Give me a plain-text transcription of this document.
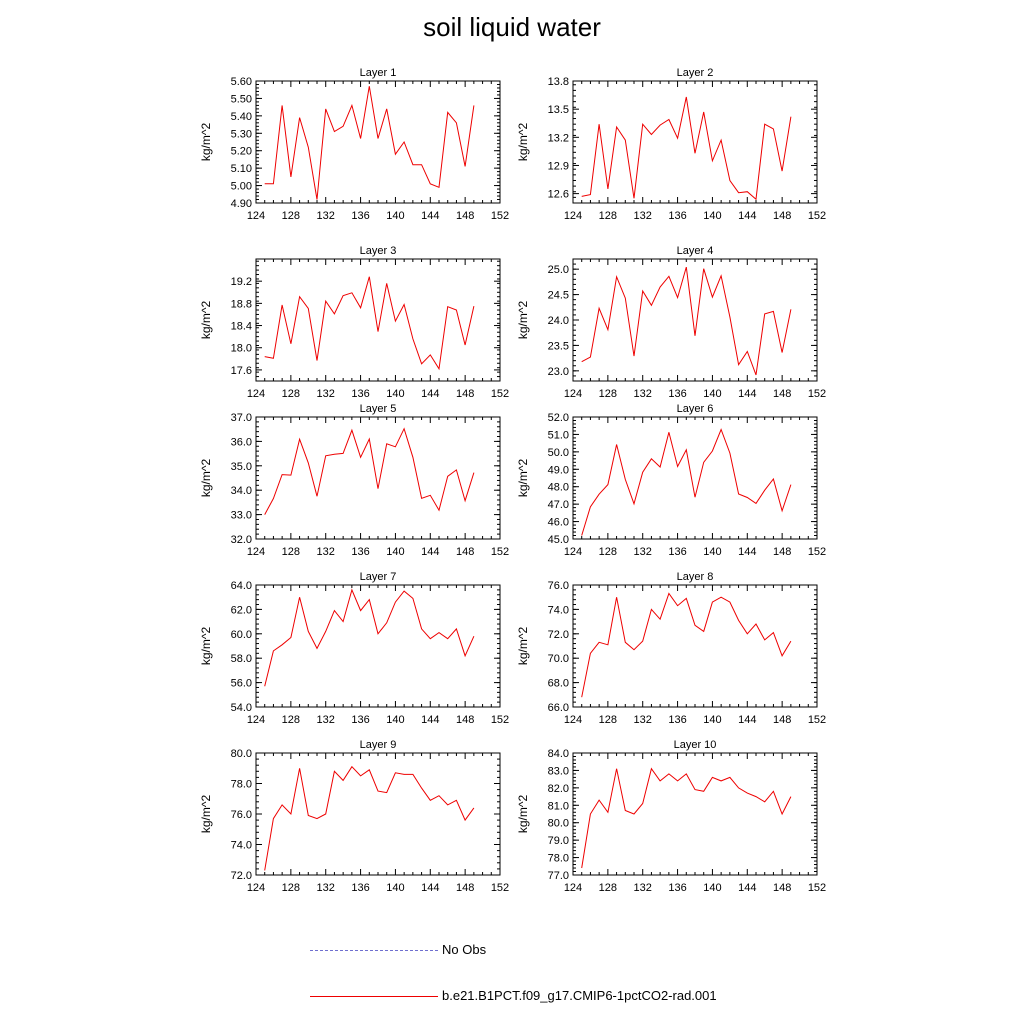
soil liquid water
Layer 1
kg/m^2
124 128 132 136 140 144 148 152
4.90
5.00
5.10
5.20
5.30
5.40
5.50
5.60
Layer 2
kg/m^2
124 128 132 136 140 144 148 152
12.6
12.9
13.2
13.5
13.8
Layer 3
kg/m^2
124 128 132 136 140 144 148 152
17.6
18.0
18.4
18.8
19.2
Layer 4
kg/m^2
124 128 132 136 140 144 148 152
23.0
23.5
24.0
24.5
25.0
Layer 5
kg/m^2
124 128 132 136 140 144 148 152
32.0
33.0
34.0
35.0
36.0
37.0
Layer 6
kg/m^2
124 128 132 136 140 144 148 152
45.0
46.0
47.0
48.0
49.0
50.0
51.0
52.0
Layer 7
kg/m^2
124 128 132 136 140 144 148 152
54.0
56.0
58.0
60.0
62.0
64.0
Layer 8
kg/m^2
124 128 132 136 140 144 148 152
66.0
68.0
70.0
72.0
74.0
76.0
Layer 9
kg/m^2
124 128 132 136 140 144 148 152
72.0
74.0
76.0
78.0
80.0
Layer 10
kg/m^2
124 128 132 136 140 144 148 152
77.0
78.0
79.0
80.0
81.0
82.0
83.0
84.0
No Obs
b.e21.B1PCT.f09_g17.CMIP6-1pctCO2-rad.001
